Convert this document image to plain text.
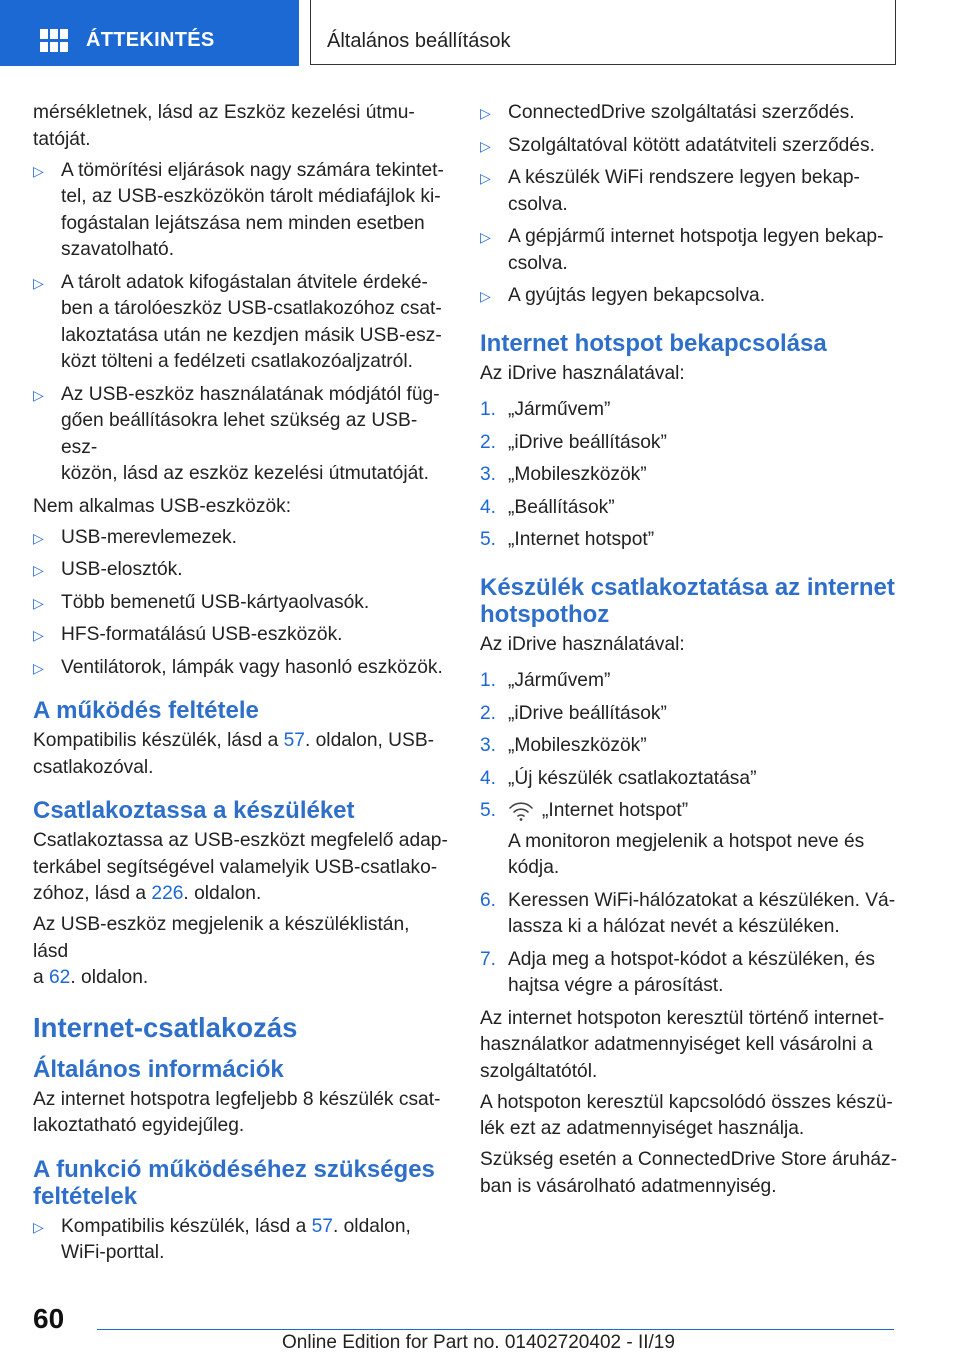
ÁTTEKINTÉS	Általános beállítások

mérsékletnek, lásd az Eszköz kezelési útmu-
tatóját.

▷ A tömörítési eljárások nagy számára tekintet-
tel, az USB-eszközökön tárolt médiafájlok ki-
fogástalan lejátszása nem minden esetben
szavatolható.
▷ A tárolt adatok kifogástalan átvitele érdeké-
ben a tárolóeszköz USB-csatlakozóhoz csat-
lakoztatása után ne kezdjen másik USB-esz-
közt tölteni a fedélzeti csatlakozóaljzatról.
▷ Az USB-eszköz használatának módjától füg-
gően beállításokra lehet szükség az USB-esz-
közön, lásd az eszköz kezelési útmutatóját.

Nem alkalmas USB-eszközök:

▷ USB-merevlemezek.
▷ USB-elosztók.
▷ Több bemenetű USB-kártyaolvasók.
▷ HFS-formatálású USB-eszközök.
▷ Ventilátorok, lámpák vagy hasonló eszközök.
A működés feltétele

Kompatibilis készülék, lásd a 57. oldalon, USB-
csatlakozóval.

Csatlakoztassa a készüléket

Csatlakoztassa az USB-eszközt megfelelő adap-
terkábel segítségével valamelyik USB-csatlako-
zóhoz, lásd a 226. oldalon.

Az USB-eszköz megjelenik a készüléklistán, lásd
a 62. oldalon.

Internet-csatlakozás
Általános információk

Az internet hotspotra legfeljebb 8 készülék csat-
lakoztatható egyidejűleg.

A funkció működéséhez szükséges
feltételek
▷ Kompatibilis készülék, lásd a 57. oldalon,
WiFi-porttal.
▷ ConnectedDrive szolgáltatási szerződés.
▷ Szolgáltatóval kötött adatátviteli szerződés.
▷ A készülék WiFi rendszere legyen bekap-
csolva.
▷ A gépjármű internet hotspotja legyen bekap-
csolva.
▷ A gyújtás legyen bekapcsolva.
Internet hotspot bekapcsolása

Az iDrive használatával:

1. „Járművem”
2. „iDrive beállítások”
3. „Mobileszközök”
4. „Beállítások”
5. „Internet hotspot”
Készülék csatlakoztatása az internet
hotspothoz

Az iDrive használatával:

1. „Járművem”
2. „iDrive beállítások”
3. „Mobileszközök”
4. „Új készülék csatlakoztatása”
5. „Internet hotspot”
A monitoron megjelenik a hotspot neve és
kódja.
6. Keressen WiFi-hálózatokat a készüléken. Vá-
lassza ki a hálózat nevét a készüléken.
7. Adja meg a hotspot-kódot a készüléken, és
hajtsa végre a párosítást.

Az internet hotspoton keresztül történő internet-
használatkor adatmennyiséget kell vásárolni a
szolgáltatótól.

A hotspoton keresztül kapcsolódó összes készü-
lék ezt az adatmennyiséget használja.

Szükség esetén a ConnectedDrive Store áruház-
ban is vásárolható adatmennyiség.

60
Online Edition for Part no. 01402720402 - II/19
